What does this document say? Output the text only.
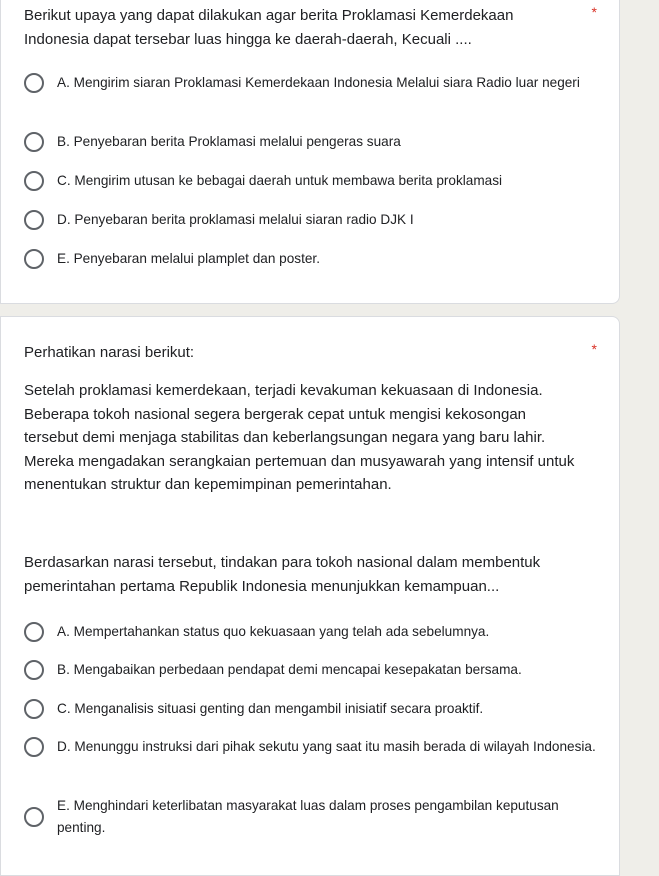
Berikut upaya yang dapat dilakukan agar berita Proklamasi Kemerdekaan Indonesia dapat tersebar luas hingga ke daerah-daerah, Kecuali ....
*
A. Mengirim siaran Proklamasi Kemerdekaan Indonesia Melalui siara Radio luar negeri
B. Penyebaran berita Proklamasi melalui pengeras suara
C. Mengirim utusan ke bebagai daerah untuk membawa berita proklamasi
D. Penyebaran berita proklamasi melalui siaran radio DJK I
E. Penyebaran melalui plamplet dan poster.
Perhatikan narasi berikut:	*
Setelah proklamasi kemerdekaan, terjadi kevakuman kekuasaan di Indonesia. Beberapa tokoh nasional segera bergerak cepat untuk mengisi kekosongan tersebut demi menjaga stabilitas dan keberlangsungan negara yang baru lahir. Mereka mengadakan serangkaian pertemuan dan musyawarah yang intensif untuk menentukan struktur dan kepemimpinan pemerintahan.
Berdasarkan narasi tersebut, tindakan para tokoh nasional dalam membentuk pemerintahan pertama Republik Indonesia menunjukkan kemampuan...
A. Mempertahankan status quo kekuasaan yang telah ada sebelumnya.
B. Mengabaikan perbedaan pendapat demi mencapai kesepakatan bersama.
C. Menganalisis situasi genting dan mengambil inisiatif secara proaktif.
D. Menunggu instruksi dari pihak sekutu yang saat itu masih berada di wilayah Indonesia.
E. Menghindari keterlibatan masyarakat luas dalam proses pengambilan keputusan penting.
